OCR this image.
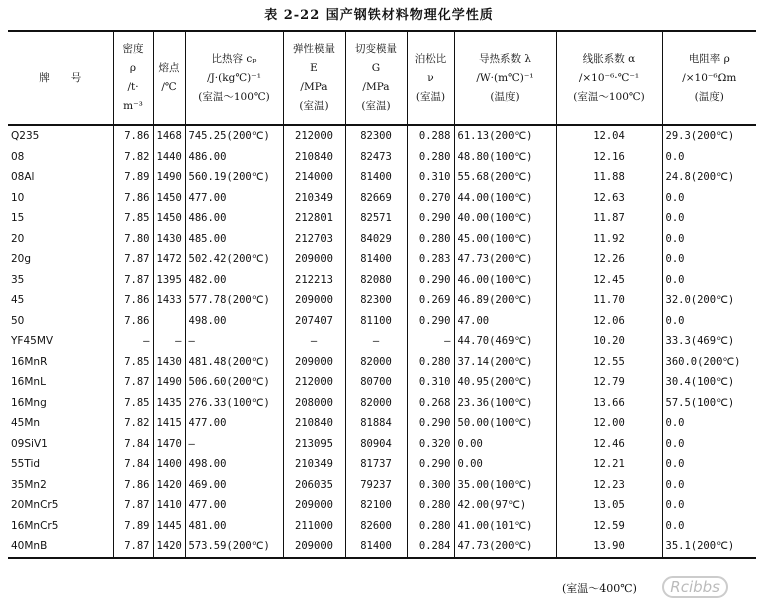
表 2-22 国产钢铁材料物理化学性质
牌　　号	密度
ρ
/t·
m⁻³	熔点
/℃	比热容 cₚ
/J·(kg℃)⁻¹
(室温～100℃)	弹性模量
E
/MPa
(室温)	切变模量
G
/MPa
(室温)	泊松比
ν
(室温)	导热系数 λ
/W·(m℃)⁻¹
(温度)	线胀系数 α
/×10⁻⁶·℃⁻¹
(室温～100℃)	电阻率 ρ
/×10⁻⁶Ωm
(温度)

Q235	7.86	1468	745.25(200℃)	212000	82300	0.288	61.13(200℃)	12.04	29.3(200℃)
08	7.82	1440	486.00	210840	82473	0.280	48.80(100℃)	12.16	0.0
08Al	7.89	1490	560.19(200℃)	214000	81400	0.310	55.68(200℃)	11.88	24.8(200℃)
10	7.86	1450	477.00	210349	82669	0.270	44.00(100℃)	12.63	0.0
15	7.85	1450	486.00	212801	82571	0.290	40.00(100℃)	11.87	0.0
20	7.80	1430	485.00	212703	84029	0.280	45.00(100℃)	11.92	0.0
20g	7.87	1472	502.42(200℃)	209000	81400	0.283	47.73(200℃)	12.26	0.0
35	7.87	1395	482.00	212213	82080	0.290	46.00(100℃)	12.45	0.0
45	7.86	1433	577.78(200℃)	209000	82300	0.269	46.89(200℃)	11.70	32.0(200℃)
50	7.86		498.00	207407	81100	0.290	47.00	12.06	0.0
YF45MV	—	—	—	—	—	—	44.70(469℃)	10.20	33.3(469℃)
16MnR	7.85	1430	481.48(200℃)	209000	82000	0.280	37.14(200℃)	12.55	360.0(200℃)
16MnL	7.87	1490	506.60(200℃)	212000	80700	0.310	40.95(200℃)	12.79	30.4(100℃)
16Mng	7.85	1435	276.33(100℃)	208000	82000	0.268	23.36(100℃)	13.66	57.5(100℃)
45Mn	7.82	1415	477.00	210840	81884	0.290	50.00(100℃)	12.00	0.0
09SiV1	7.84	1470	—	213095	80904	0.320	0.00	12.46	0.0
55Tid	7.84	1400	498.00	210349	81737	0.290	0.00	12.21	0.0
35Mn2	7.86	1420	469.00	206035	79237	0.300	35.00(100℃)	12.23	0.0
20MnCr5	7.87	1410	477.00	209000	82100	0.280	42.00(97℃)	13.05	0.0
16MnCr5	7.89	1445	481.00	211000	82600	0.280	41.00(101℃)	12.59	0.0
40MnB	7.87	1420	573.59(200℃)	209000	81400	0.284	47.73(200℃)	13.90	35.1(200℃)
(室温～400℃)	Rcibbs
